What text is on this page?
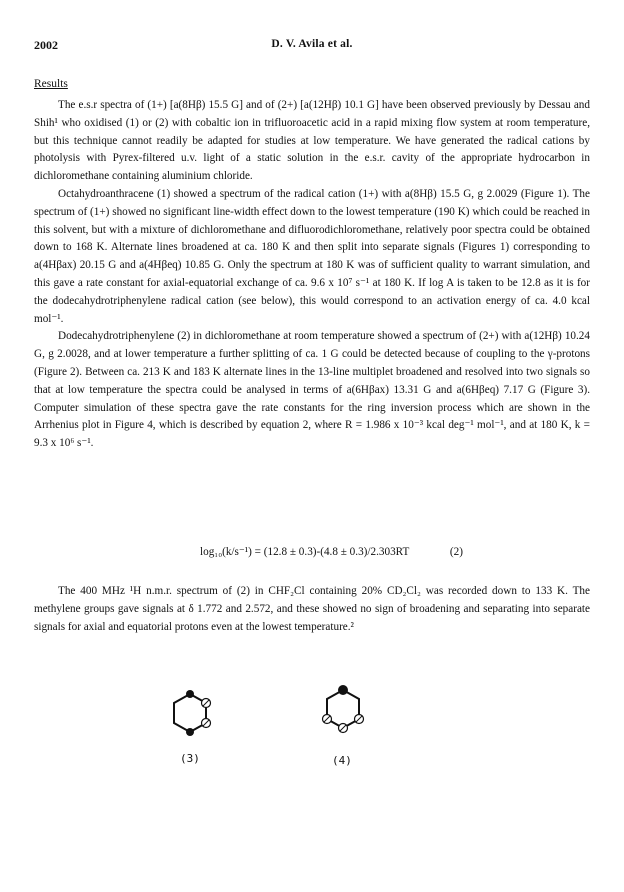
2002	D. V. Avila et al.
Results

The e.s.r spectra of (1+) [a(8Hβ) 15.5 G] and of (2+) [a(12Hβ) 10.1 G] have been observed previously by Dessau and Shih¹ who oxidised (1) or (2) with cobaltic ion in trifluoroacetic acid in a rapid mixing flow system at room temperature, but this technique cannot readily be adapted for studies at low temperature. We have generated the radical cations by photolysis with Pyrex-filtered u.v. light of a static solution in the e.s.r. cavity of the appropriate hydrocarbon in dichloromethane containing aluminium chloride.

Octahydroanthracene (1) showed a spectrum of the radical cation (1+) with a(8Hβ) 15.5 G, g 2.0029 (Figure 1). The spectrum of (1+) showed no significant line-width effect down to the lowest temperature (190 K) which could be reached in this solvent, but with a mixture of dichloromethane and difluorodichloromethane, relatively poor spectra could be obtained down to 168 K. Alternate lines broadened at ca. 180 K and then split into separate signals (Figures 1) corresponding to a(4Hβax) 20.15 G and a(4Hβeq) 10.85 G. Only the spectrum at 180 K was of sufficient quality to warrant simulation, and this gave a rate constant for axial-equatorial exchange of ca. 9.6 x 10⁷ s⁻¹ at 180 K. If log A is taken to be 12.8 as it is for the dodecahydrotriphenylene radical cation (see below), this would correspond to an activation energy of ca. 4.0 kcal mol⁻¹.

Dodecahydrotriphenylene (2) in dichloromethane at room temperature showed a spectrum of (2+) with a(12Hβ) 10.24 G, g 2.0028, and at lower temperature a further splitting of ca. 1 G could be detected because of coupling to the γ-protons (Figure 2). Between ca. 213 K and 183 K alternate lines in the 13-line multiplet broadened and resolved into two signals so that at low temperature the spectra could be analysed in terms of a(6Hβax) 13.31 G and a(6Hβeq) 7.17 G (Figure 3). Computer simulation of these spectra gave the rate constants for the ring inversion process which are shown in the Arrhenius plot in Figure 4, which is described by equation 2, where R = 1.986 x 10⁻³ kcal deg⁻¹ mol⁻¹, and at 180 K, k = 9.3 x 10⁶ s⁻¹.

log₁₀(k/s⁻¹) = (12.8 ± 0.3)-(4.8 ± 0.3)/2.303RT	(2)

The 400 MHz ¹H n.m.r. spectrum of (2) in CHF₂Cl containing 20% CD₂Cl₂ was recorded down to 133 K. The methylene groups gave signals at δ 1.772 and 2.572, and these showed no sign of broadening and separating into separate signals for axial and equatorial protons even at the lowest temperature.²

(3)	(4)
